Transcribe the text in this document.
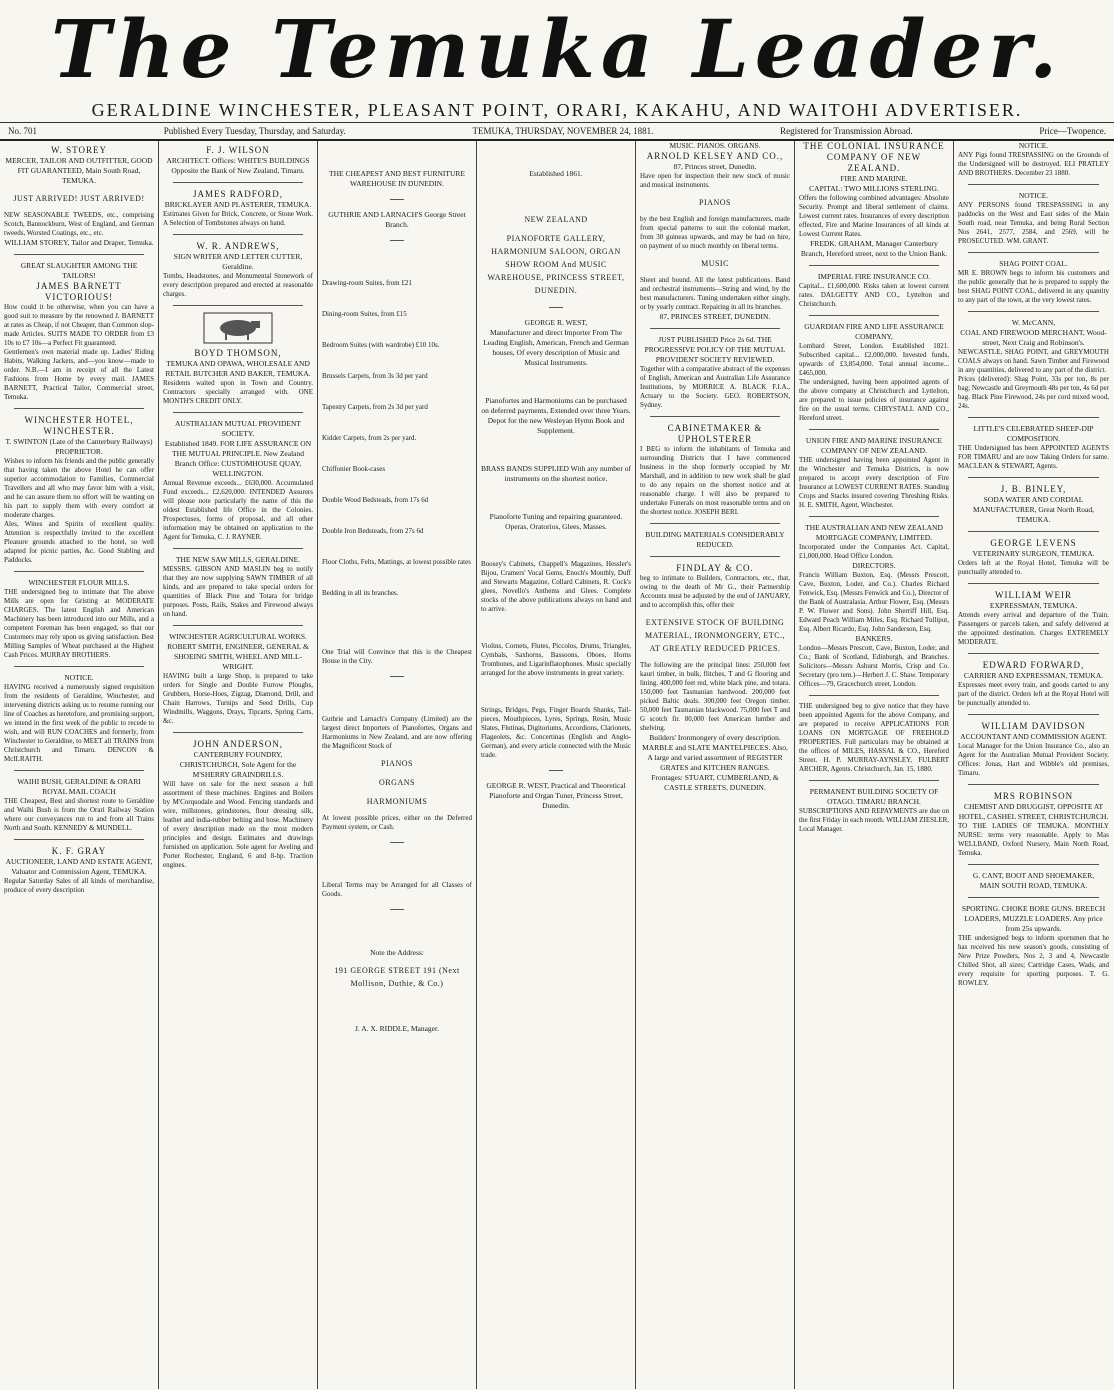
The Temuka Leader.
GERALDINE WINCHESTER, PLEASANT POINT, ORARI, KAKAHU, AND WAITOHI ADVERTISER.
No. 701	Published Every Tuesday, Thursday, and Saturday.	TEMUKA, THURSDAY, NOVEMBER 24, 1881.	Registered for Transmission Abroad.	Price—Twopence.
W. STOREY
MERCER, TAILOR AND OUTFITTER, GOOD FIT GUARANTEED, Main South Road, TEMUKA.
JUST ARRIVED! JUST ARRIVED!
NEW SEASONABLE TWEEDS, etc., comprising Scotch, Bannockburn, West of England, and German tweeds, Worsted Coatings, etc., etc.
WILLIAM STOREY, Tailor and Draper, Temuka.
GREAT SLAUGHTER AMONG THE TAILORS!
JAMES BARNETT VICTORIOUS!
How could it be otherwise, when you can have a good suit to measure by the renowned J. BARNETT at rates as Cheap, if not Cheaper, than Common slop-made Articles. SUITS MADE TO ORDER from £3 10s to £7 10s—a Perfect Fit guaranteed.
Gentlemen's own material made up. Ladies' Riding Habits, Walking Jackets, and—you know—made to order. N.B.—I am in receipt of all the Latest Fashions from Home by every mail. JAMES BARNETT, Practical Tailor, Commercial street, Temuka.
WINCHESTER HOTEL, WINCHESTER.
T. SWINTON (Late of the Canterbury Railways) PROPRIETOR.
Wishes to inform his friends and the public generally that having taken the above Hotel he can offer superior accommodation to Families, Commercial Travellers and all who may favor him with a visit, and he can assure them no effort will be wanting on his part to supply them with every comfort at moderate charges.
Ales, Wines and Spirits of excellent quality. Attention is respectfully invited to the excellent Pleasure grounds attached to the hotel, so well adapted for picnic parties, &c. Good Stabling and Paddocks.
WINCHESTER FLOUR MILLS.
THE undersigned beg to intimate that The above Mills are open for Gristing at MODERATE CHARGES. The latest English and American Machinery has been introduced into our Mills, and a competent Foreman has been engaged, so that our Customers may rely upon us giving satisfaction. Best Milling Samples of Wheat purchased at the Highest Cash Prices. MURRAY BROTHERS.
NOTICE.
HAVING received a numerously signed requisition from the residents of Geraldine, Winchester, and intervening districts asking us to resume running our line of Coaches as heretofore, and promising support, we intend in the first week of the public to recede to wish, and will RUN COACHES and formerly, from Winchester to Geraldine, to MEET all TRAINS from Christchurch and Timaru. DENCON & McILRAITH.
WAIHI BUSH, GERALDINE & ORARI ROYAL MAIL COACH
THE Cheapest, Best and shortest route to Geraldine and Waihi Bush is from the Orari Railway Station where our conveyances run to and from all Trains North and South. KENNEDY & MUNDELL.
K. F. GRAY
AUCTIONEER, LAND AND ESTATE AGENT, Valuator and Commission Agent, TEMUKA.
Regular Saturday Sales of all kinds of merchandise, produce of every description
F. J. WILSON
ARCHITECT. Offices: WHITE'S BUILDINGS Opposite the Bank of New Zealand, Timaru.
JAMES RADFORD,
BRICKLAYER AND PLASTERER, TEMUKA.
Estimates Given for Brick, Concrete, or Stone Work. A Selection of Tombstones always on hand.
W. R. ANDREWS,
SIGN WRITER AND LETTER CUTTER, Geraldine.
Tombs, Headstones, and Monumental Stonework of every description prepared and erected at reasonable charges.
BOYD THOMSON,
TEMUKA AND OPAWA, WHOLESALE AND RETAIL BUTCHER AND BAKER, TEMUKA.
Residents waited upon in Town and Country. Contractors specially arranged with. ONE MONTH'S CREDIT ONLY.
AUSTRALIAN MUTUAL PROVIDENT SOCIETY.
Established 1849. FOR LIFE ASSURANCE ON THE MUTUAL PRINCIPLE. New Zealand Branch Office: CUSTOMHOUSE QUAY, WELLINGTON.
Annual Revenue exceeds... £630,000. Accumulated Fund exceeds... £2,620,000. INTENDED Assurers will please note particularly the name of this the oldest Established life Office in the Colonies. Prospectuses, forms of proposal, and all other information may be obtained on application to the Agent for Temuka, C. J. RAYNER.
THE NEW SAW MILLS, GERALDINE.
MESSRS. GIBSON AND MASLIN beg to notify that they are now supplying SAWN TIMBER of all kinds, and are prepared to take special orders for quantities of Black Pine and Totara for bridge purposes. Posts, Rails, Stakes and Firewood always on hand.
WINCHESTER AGRICULTURAL WORKS.
ROBERT SMITH, ENGINEER, GENERAL & SHOEING SMITH, WHEEL AND MILL-WRIGHT.
HAVING built a large Shop, is prepared to take orders for Single and Double Furrow Ploughs, Grubbers, Horse-Hoes, Zigzag, Diamond, Drill, and Chain Harrows, Turnips and Seed Drills, Cup Windmills, Waggons, Drays, Tipcarts, Spring Carts, &c.
JOHN ANDERSON,
CANTERBURY FOUNDRY, CHRISTCHURCH, Sole Agent for the M'SHERRY GRAINDRILLS.
Will have on sale for the next season a full assortment of these machines. Engines and Boilers by M'Corquodale and Wood. Fencing standards and wire, millstones, grindstones, flour dressing silk, leather and india-rubber belting and hose. Machinery of every description made on the most modern principles and design. Estimates and drawings furnished on application. Sole agent for Aveling and Porter Rochester, England, 6 and 8-hp. Traction engines.
THE CHEAPEST AND BEST FURNITURE WAREHOUSE IN DUNEDIN.
GUTHRIE AND LARNACH'S George Street Branch.

Drawing-room Suites, from £21

Dining-room Suites, from £15

Bedroom Suites (with wardrobe) £10 10s.

Brussels Carpets, from 3s 3d per yard

Tapestry Carpets, from 2s 3d per yard

Kidder Carpets, from 2s per yard.

Chiffonier Book-cases

Double Wood Bedsteads, from 17s 6d

Double Iron Bedsteads, from 27s 6d

Floor Cloths, Felts, Mattings, at lowest possible rates

Bedding in all its branches.

One Trial will Convince that this is the Cheapest House in the City.
Guthrie and Larnach's Company (Limited) are the largest direct Importers of Pianofortes, Organs and Harmoniums in New Zealand, and are now offering the Magnificent Stock of
PIANOS
ORGANS
HARMONIUMS
At lowest possible prices, either on the Deferred Payment system, or Cash.
Liberal Terms may be Arranged for all Classes of Goods.
Note the Address:
191 GEORGE STREET 191 (Next Mollison, Duthie, & Co.)
J. A. X. RIDDLE, Manager.
Established 1861.
NEW ZEALAND
PIANOFORTE GALLERY, HARMONIUM SALOON, ORGAN SHOW ROOM And MUSIC WAREHOUSE, PRINCESS STREET, DUNEDIN.
GEORGE R. WEST,
Manufacturer and direct Importer From The Leading English, American, French and German houses, Of every description of Music and Musical Instruments.
Pianofortes and Harmoniums can be purchased on deferred payments, Extended over three Years. Depot for the new Wesleyan Hymn Book and Supplement.
BRASS BANDS SUPPLIED With any number of instruments on the shortest notice.
Pianoforte Tuning and repairing guaranteed. Operas, Oratorios, Glees, Masses.
Boosey's Cabinets, Chappell's Magazines, Hessler's Bijou, Cramers' Vocal Gems, Enoch's Monthly, Duff and Stewarts Magazine, Collard Cabinets, R. Cock's glees, Novello's Anthems and Glees. Complete stocks of the above publications always on hand and to arrive.
Violins, Cornets, Flutes, Piccolos, Drums, Triangles, Cymbals, Saxhorns, Bassoons, Oboes, Horns Trombones, and Ligarinflatophones. Music specially arranged for the above instruments in great variety.
Strings, Bridges, Pegs, Finger Boards Shanks, Tail-pieces, Mouthpieces, Lyres, Springs, Resin, Music Slates, Flutinas, Digitoriums, Accordions, Clarionets, Flageolets, &c. Concertinas (English and Anglo-German), and every article connected with the Music trade.
GEORGE R. WEST, Practical and Theoretical Pianoforte and Organ Tuner, Princess Street, Dunedin.
MUSIC. PIANOS. ORGANS.
ARNOLD KELSEY AND CO.,
87, Princes street, Dunedin.
Have open for inspection their new stock of music and musical instruments.
PIANOS
by the best English and foreign manufacturers, made from special patterns to suit the colonial market, from 30 guineas upwards, and may be had on hire, on payment of so much monthly on liberal terms.
MUSIC
Sheet and bound. All the latest publications. Band and orchestral instruments—String and wind, by the best manufacturers. Tuning undertaken either singly, or by yearly contract. Repairing in all its branches.
87, PRINCES STREET, DUNEDIN.
JUST PUBLISHED Price 2s 6d. THE PROGRESSIVE POLICY OF THE MUTUAL PROVIDENT SOCIETY REVIEWED.
Together with a comparative abstract of the expenses of English, American and Australian Life Assurance Institutions, by MORRICE A. BLACK F.I.A., Actuary to the Society. GEO. ROBERTSON, Sydney.
CABINETMAKER & UPHOLSTERER
I BEG to inform the inhabitants of Temuka and surrounding Districts that I have commenced business in the shop formerly occupied by Mr Marshall, and in addition to new work shall be glad to do any repairs on the shortest notice and at reasonable charge. I will also be prepared to undertake Funerals on most reasonable terms and on the shortest notice. JOSEPH BERI.
BUILDING MATERIALS CONSIDERABLY REDUCED.
FINDLAY & CO.
beg to intimate to Builders, Contractors, etc., that, owing to the death of Mr G., their Partnership Accounts must be adjusted by the end of JANUARY, and to accomplish this, offer their
EXTENSIVE STOCK OF BUILDING MATERIAL, IRONMONGERY, ETC., AT GREATLY REDUCED PRICES.
The following are the principal lines: 250,000 feet kauri timber, in bulk, flitches, T and G flooring and lining. 400,000 feet red, white black pine, and totara. 150,000 feet Tasmanian hardwood. 200,000 feet picked Baltic deals. 300,000 feet Oregon timber. 50,000 feet Tasmanian blackwood. 75,000 feet T and G scotch fir. 80,000 feet American lumber and shelving.
Builders' Ironmongery of every description. MARBLE and SLATE MANTELPIECES. Also, A large and varied assortment of REGISTER GRATES and KITCHEN RANGES.
Frontages: STUART, CUMBERLAND, & CASTLE STREETS, DUNEDIN.
THE COLONIAL INSURANCE COMPANY OF NEW ZEALAND.
FIRE AND MARINE.
CAPITAL: TWO MILLIONS STERLING.
Offers the following combined advantages: Absolute Security. Prompt and liberal settlement of claims. Lowest current rates. Insurances of every description effected, Fire and Marine Insurances of all kinds at Lowest Current Rates.
FREDK. GRAHAM, Manager Canterbury Branch, Hereford street, next to the Union Bank.
IMPERIAL FIRE INSURANCE CO.
Capital... £1,600,000. Risks taken at lowest current rates. DALGETTY AND CO., Lyttelton and Christchurch.
GUARDIAN FIRE AND LIFE ASSURANCE COMPANY,
Lombard Street, London. Established 1821. Subscribed capital... £2,000,000. Invested funds, upwards of £3,854,000. Total annual income... £465,000.
The undersigned, having been appointed agents of the above company at Christchurch and Lyttelton, are prepared to issue policies of insurance against fire on the usual terms. CHRYSTALL AND CO., Hereford street.
UNION FIRE AND MARINE INSURANCE COMPANY OF NEW ZEALAND.
THE undersigned having been appointed Agent in the Winchester and Temuka Districts, is now prepared to accept every description of Fire Insurance at LOWEST CURRENT RATES. Standing Crops and Stacks insured covering Threshing Risks. H. E. SMITH, Agent, Winchester.
THE AUSTRALIAN AND NEW ZEALAND MORTGAGE COMPANY, LIMITED.
Incorporated under the Companies Act. Capital, £1,000,000. Head Office London.
DIRECTORS.
Francis William Buxton, Esq. (Messrs Prescott, Cave, Buxton, Loder, and Co.). Charles Richard Fenwick, Esq. (Messrs Fenwick and Co.), Director of the Bank of Australasia. Arthur Flower, Esq. (Messrs P. W. Flower and Sons). John Sherriff Hill, Esq. Edward Peach William Miles, Esq. Richard Tulliput, Esq. Albert Ricardo, Esq. John Sanderson, Esq.
BANKERS.
London—Messrs Prescott, Cave, Buxton, Loder, and Co.; Bank of Scotland, Edinburgh, and Branches. Solicitors—Messrs Ashurst Morris, Crisp and Co. Secretary (pro tem.)—Herbert J. C. Shaw. Temporary Offices—79, Gracechurch street, London.
THE undersigned beg to give notice that they have been appointed Agents for the above Company, and are prepared to receive APPLICATIONS FOR LOANS ON MORTGAGE OF FREEHOLD PROPERTIES. Full particulars may be obtained at the offices of MILES, HASSAL & CO., Hereford Street. H. P. MURRAY-AYNSLEY, FULBERT ARCHER, Agents. Christchurch, Jan. 15, 1880.
PERMANENT BUILDING SOCIETY OF OTAGO. TIMARU BRANCH.
SUBSCRIPTIONS AND REPAYMENTS are due on the first Friday in each month. WILLIAM ZIESLER, Local Manager.
NOTICE.
ANY Pigs found TRESPASSING on the Grounds of the Undersigned will be destroyed. ELI PRATLEY AND BROTHERS. December 23 1880.
NOTICE.
ANY PERSONS found TRESPASSING in any paddocks on the West and East sides of the Main South road, near Temuka, and being Rural Section Nos 2641, 2577, 2584, and 2569, will be PROSECUTED. WM. GRANT.
SHAG POINT COAL.
MR E. BROWN begs to inform his customers and the public generally that he is prepared to supply the best SHAG POINT COAL, delivered in any quantity to any part of the town, at the very lowest rates.
W. McCANN,
COAL AND FIREWOOD MERCHANT, Wood-street, Next Craig and Robinson's.
NEWCASTLE, SHAG POINT, and GREYMOUTH COALS always on hand. Sawn Timber and Firewood in any quantities, delivered to any part of the district.
Prices (delivered): Shag Point, 33s per ton, 8s per bag; Newcastle and Greymouth 48s per ton, 4s 6d per bag. Black Pine Firewood, 24s per cord mixed wood, 24s.
LITTLE'S CELEBRATED SHEEP-DIP COMPOSITION.
THE Undersigned has been APPOINTED AGENTS FOR TIMARU and are now Taking Orders for same. MACLEAN & STEWART, Agents.
J. B. BINLEY,
SODA WATER AND CORDIAL MANUFACTURER, Great North Road, TEMUKA.
GEORGE LEVENS
VETERINARY SURGEON, TEMUKA.
Orders left at the Royal Hotel, Temuka will be punctually attended to.
WILLIAM WEIR
EXPRESSMAN, TEMUKA.
Attends every arrival and departure of the Train. Passengers or parcels taken, and safely delivered at the appointed destination. Charges EXTREMELY MODERATE.
EDWARD FORWARD,
CARRIER AND EXPRESSMAN, TEMUKA.
Expresses meet every train, and goods carted to any part of the district. Orders left at the Royal Hotel will be punctually attended to.
WILLIAM DAVIDSON
ACCOUNTANT AND COMMISSION AGENT.
Local Manager for the Union Insurance Co., also an Agent for the Australian Mutual Provident Society. Offices: Jonas, Hart and Wibble's old premises, Timaru.
MRS ROBINSON
CHEMIST AND DRUGGIST, OPPOSITE AT HOTEL, CASHEL STREET, CHRISTCHURCH.
TO THE LADIES OF TEMUKA. MONTHLY NURSE: terms very reasonable. Apply to Mas WELLBAND, Oxford Nursery, Main North Road, Temuka.
G. CANT, BOOT AND SHOEMAKER,
MAIN SOUTH ROAD, TEMUKA.
SPORTING. CHOKE BORE GUNS. BREECH LOADERS, MUZZLE LOADERS. Any price from 25s upwards.
THE undersigned begs to inform sportsmen that he has received his new season's goods, consisting of New Prize Powders, Nos 2, 3 and 4, Newcastle Chilled Shot, all sizes; Cartridge Cases, Wads, and every requisite for sporting purposes. T. G. ROWLEY.
